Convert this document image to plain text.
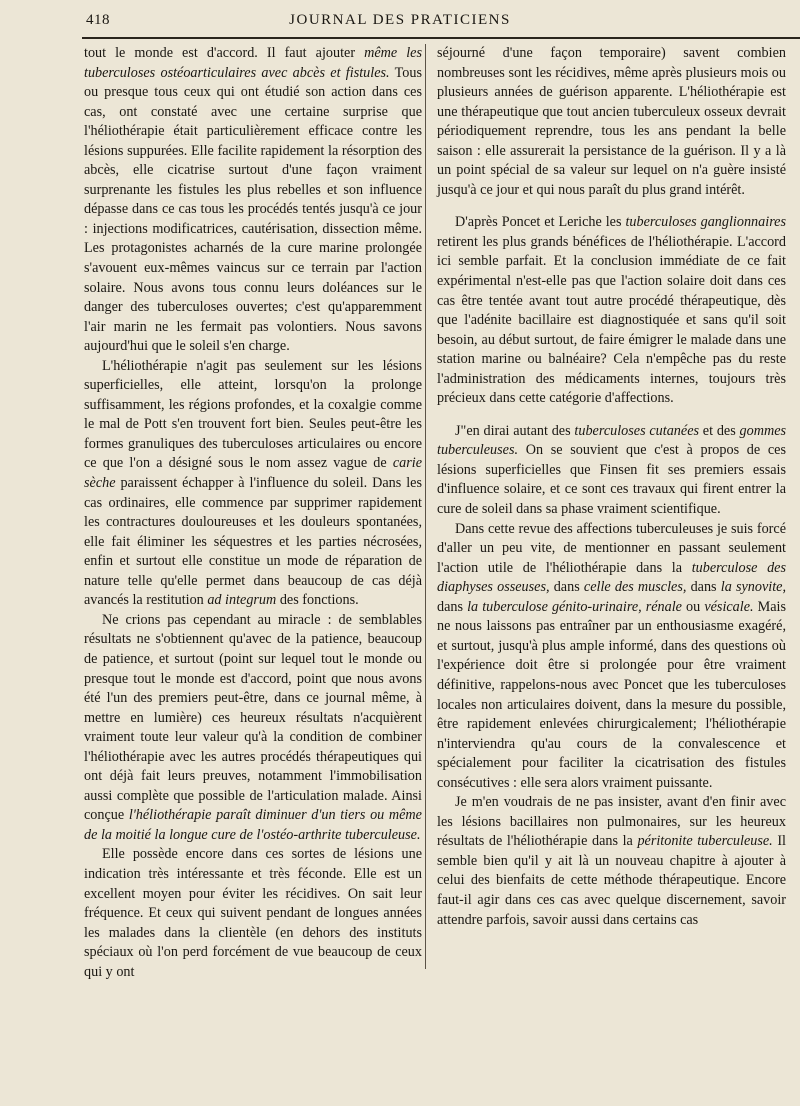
418	JOURNAL DES PRATICIENS

tout le monde est d'accord. Il faut ajouter même les tuberculoses ostéoarticulaires avec abcès et fistules. Tous ou presque tous ceux qui ont étudié son action dans ces cas, ont constaté avec une certaine surprise que l'héliothérapie était particulièrement efficace contre les lésions suppurées. Elle facilite rapidement la résorption des abcès, elle cicatrise surtout d'une façon vraiment surprenante les fistules les plus rebelles et son influence dépasse dans ce cas tous les procédés tentés jusqu'à ce jour : injections modificatrices, cautérisation, dissection même. Les protagonistes acharnés de la cure marine prolongée s'avouent eux-mêmes vaincus sur ce terrain par l'action solaire. Nous avons tous connu leurs doléances sur le danger des tuberculoses ouvertes; c'est qu'apparemment l'air marin ne les fermait pas volontiers. Nous savons aujourd'hui que le soleil s'en charge.

L'héliothérapie n'agit pas seulement sur les lésions superficielles, elle atteint, lorsqu'on la prolonge suffisamment, les régions profondes, et la coxalgie comme le mal de Pott s'en trouvent fort bien. Seules peut-être les formes granuliques des tuberculoses articulaires ou encore ce que l'on a désigné sous le nom assez vague de carie sèche paraissent échapper à l'influence du soleil. Dans les cas ordinaires, elle commence par supprimer rapidement les contractures douloureuses et les douleurs spontanées, elle fait éliminer les séquestres et les parties nécrosées, enfin et surtout elle constitue un mode de réparation de nature telle qu'elle permet dans beaucoup de cas déjà avancés la restitution ad integrum des fonctions.

Ne crions pas cependant au miracle : de semblables résultats ne s'obtiennent qu'avec de la patience, beaucoup de patience, et surtout (point sur lequel tout le monde ou presque tout le monde est d'accord, point que nous avons été l'un des premiers peut-être, dans ce journal même, à mettre en lumière) ces heureux résultats n'acquièrent vraiment toute leur valeur qu'à la condition de combiner l'héliothérapie avec les autres procédés thérapeutiques qui ont déjà fait leurs preuves, notamment l'immobilisation aussi complète que possible de l'articulation malade. Ainsi conçue l'héliothérapie paraît diminuer d'un tiers ou même de la moitié la longue cure de l'ostéo-arthrite tuberculeuse.

Elle possède encore dans ces sortes de lésions une indication très intéressante et très féconde. Elle est un excellent moyen pour éviter les récidives. On sait leur fréquence. Et ceux qui suivent pendant de longues années les malades dans la clientèle (en dehors des instituts spéciaux où l'on perd forcément de vue beaucoup de ceux qui y ont

séjourné d'une façon temporaire) savent combien nombreuses sont les récidives, même après plusieurs mois ou plusieurs années de guérison apparente. L'héliothérapie est une thérapeutique que tout ancien tuberculeux osseux devrait périodiquement reprendre, tous les ans pendant la belle saison : elle assurerait la persistance de la guérison. Il y a là un point spécial de sa valeur sur lequel on n'a guère insisté jusqu'à ce jour et qui nous paraît du plus grand intérêt.

D'après Poncet et Leriche les tuberculoses ganglionnaires retirent les plus grands bénéfices de l'héliothérapie. L'accord ici semble parfait. Et la conclusion immédiate de ce fait expérimental n'est-elle pas que l'action solaire doit dans ces cas être tentée avant tout autre procédé thérapeutique, dès que l'adénite bacillaire est diagnostiquée et sans qu'il soit besoin, au début surtout, de faire émigrer le malade dans une station marine ou balnéaire? Cela n'empêche pas du reste l'administration des médicaments internes, toujours très précieux dans cette catégorie d'affections.

J"en dirai autant des tuberculoses cutanées et des gommes tuberculeuses. On se souvient que c'est à propos de ces lésions superficielles que Finsen fit ses premiers essais d'influence solaire, et ce sont ces travaux qui firent entrer la cure de soleil dans sa phase vraiment scientifique.

Dans cette revue des affections tuberculeuses je suis forcé d'aller un peu vite, de mentionner en passant seulement l'action utile de l'héliothérapie dans la tuberculose des diaphyses osseuses, dans celle des muscles, dans la synovite, dans la tuberculose génito-urinaire, rénale ou vésicale. Mais ne nous laissons pas entraîner par un enthousiasme exagéré, et surtout, jusqu'à plus ample informé, dans des questions où l'expérience doit être si prolongée pour être vraiment définitive, rappelons-nous avec Poncet que les tuberculoses locales non articulaires doivent, dans la mesure du possible, être rapidement enlevées chirurgicalement; l'héliothérapie n'interviendra qu'au cours de la convalescence et spécialement pour faciliter la cicatrisation des fistules consécutives : elle sera alors vraiment puissante.

Je m'en voudrais de ne pas insister, avant d'en finir avec les lésions bacillaires non pulmonaires, sur les heureux résultats de l'héliothérapie dans la péritonite tuberculeuse. Il semble bien qu'il y ait là un nouveau chapitre à ajouter à celui des bienfaits de cette méthode thérapeutique. Encore faut-il agir dans ces cas avec quelque discernement, savoir attendre parfois, savoir aussi dans certains cas
